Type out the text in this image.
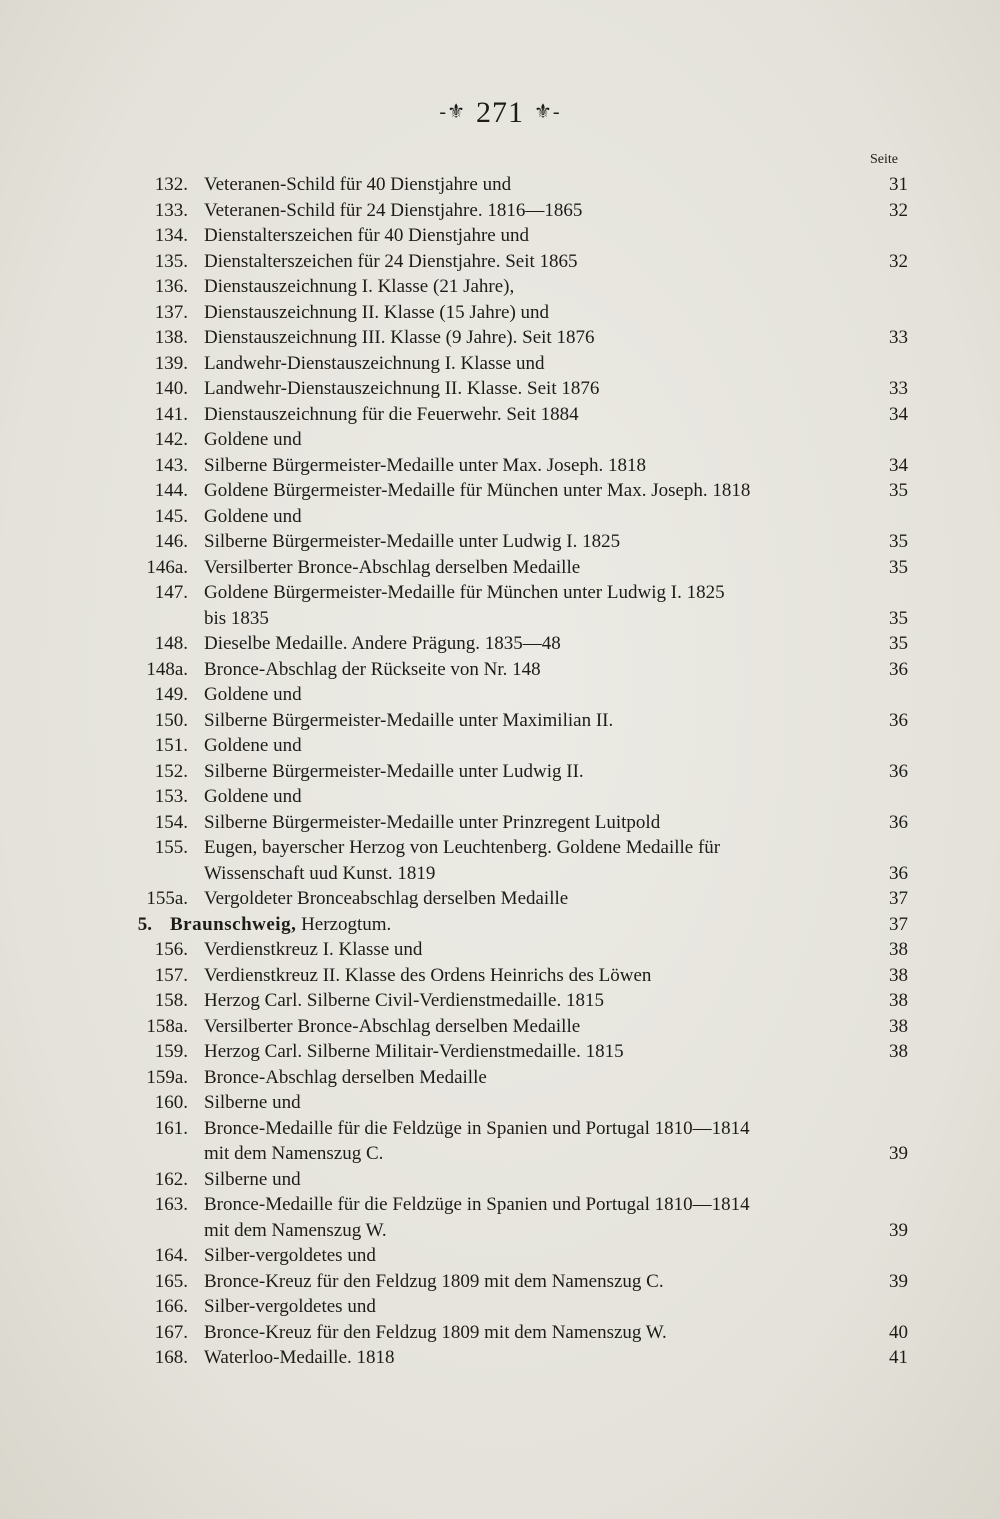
-⚜ 271 ⚜-
Seite
132. Veteranen-Schild für 40 Dienstjahre und	31
133. Veteranen-Schild für 24 Dienstjahre. 1816—1865	32
134. Dienstalterszeichen für 40 Dienstjahre und
135. Dienstalterszeichen für 24 Dienstjahre. Seit 1865	32
136. Dienstauszeichnung I. Klasse (21 Jahre),
137. Dienstauszeichnung II. Klasse (15 Jahre) und
138. Dienstauszeichnung III. Klasse (9 Jahre). Seit 1876	33
139. Landwehr-Dienstauszeichnung I. Klasse und
140. Landwehr-Dienstauszeichnung II. Klasse. Seit 1876	33
141. Dienstauszeichnung für die Feuerwehr. Seit 1884	34
142. Goldene und
143. Silberne Bürgermeister-Medaille unter Max. Joseph. 1818	34
144. Goldene Bürgermeister-Medaille für München unter Max. Joseph. 1818	35
145. Goldene und
146. Silberne Bürgermeister-Medaille unter Ludwig I. 1825	35
146a. Versilberter Bronce-Abschlag derselben Medaille	35
147. Goldene Bürgermeister-Medaille für München unter Ludwig I. 1825
bis 1835	35
148. Dieselbe Medaille. Andere Prägung. 1835—48	35
148a. Bronce-Abschlag der Rückseite von Nr. 148	36
149. Goldene und
150. Silberne Bürgermeister-Medaille unter Maximilian II.	36
151. Goldene und
152. Silberne Bürgermeister-Medaille unter Ludwig II.	36
153. Goldene und
154. Silberne Bürgermeister-Medaille unter Prinzregent Luitpold	36
155. Eugen, bayerscher Herzog von Leuchtenberg. Goldene Medaille für
Wissenschaft uud Kunst. 1819	36
155a. Vergoldeter Bronceabschlag derselben Medaille	37
5. Braunschweig, Herzogtum.	37
156. Verdienstkreuz I. Klasse und	38
157. Verdienstkreuz II. Klasse des Ordens Heinrichs des Löwen	38
158. Herzog Carl. Silberne Civil-Verdienstmedaille. 1815	38
158a. Versilberter Bronce-Abschlag derselben Medaille	38
159. Herzog Carl. Silberne Militair-Verdienstmedaille. 1815	38
159a. Bronce-Abschlag derselben Medaille
160. Silberne und
161. Bronce-Medaille für die Feldzüge in Spanien und Portugal 1810—1814
mit dem Namenszug C.	39
162. Silberne und
163. Bronce-Medaille für die Feldzüge in Spanien und Portugal 1810—1814
mit dem Namenszug W.	39
164. Silber-vergoldetes und
165. Bronce-Kreuz für den Feldzug 1809 mit dem Namenszug C.	39
166. Silber-vergoldetes und
167. Bronce-Kreuz für den Feldzug 1809 mit dem Namenszug W.	40
168. Waterloo-Medaille. 1818	41
